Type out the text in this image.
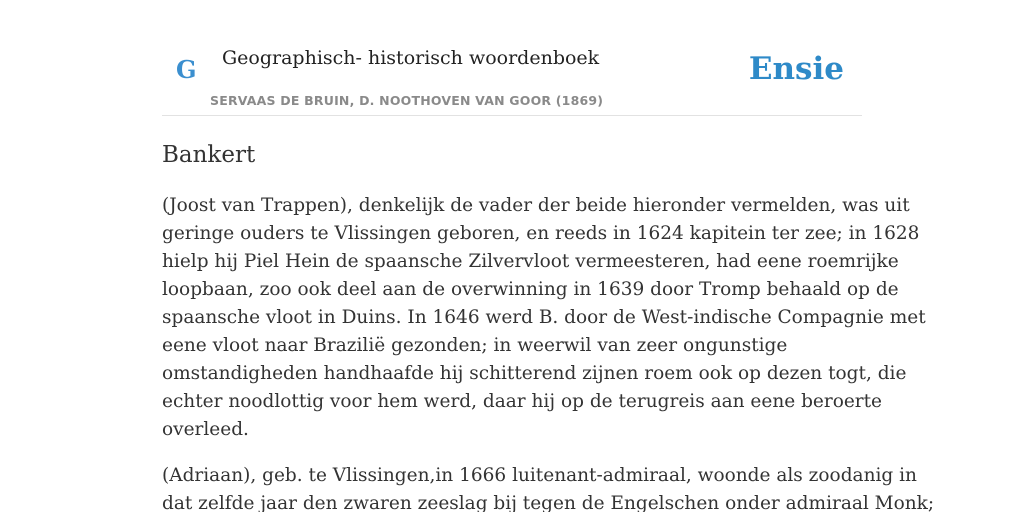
G Geographisch- historisch woordenboek
SERVAAS DE BRUIN, D. NOOTHOVEN VAN GOOR (1869)
Ensie
Bankert

(Joost van Trappen), denkelijk de vader der beide hieronder vermelden, was uit
geringe ouders te Vlissingen geboren, en reeds in 1624 kapitein ter zee; in 1628
hielp hij Piel Hein de spaansche Zilvervloot vermeesteren, had eene roemrijke
loopbaan, zoo ook deel aan de overwinning in 1639 door Tromp behaald op de
spaansche vloot in Duins. In 1646 werd B. door de West-indische Compagnie met
eene vloot naar Brazilië gezonden; in weerwil van zeer ongunstige
omstandigheden handhaafde hij schitterend zijnen roem ook op dezen togt, die
echter noodlottig voor hem werd, daar hij op de terugreis aan eene beroerte
overleed.

(Adriaan), geb. te Vlissingen,in 1666 luitenant-admiraal, woonde als zoodanig in
dat zelfde jaar den zwaren zeeslag bij tegen de Engelschen onder admiraal Monk;
